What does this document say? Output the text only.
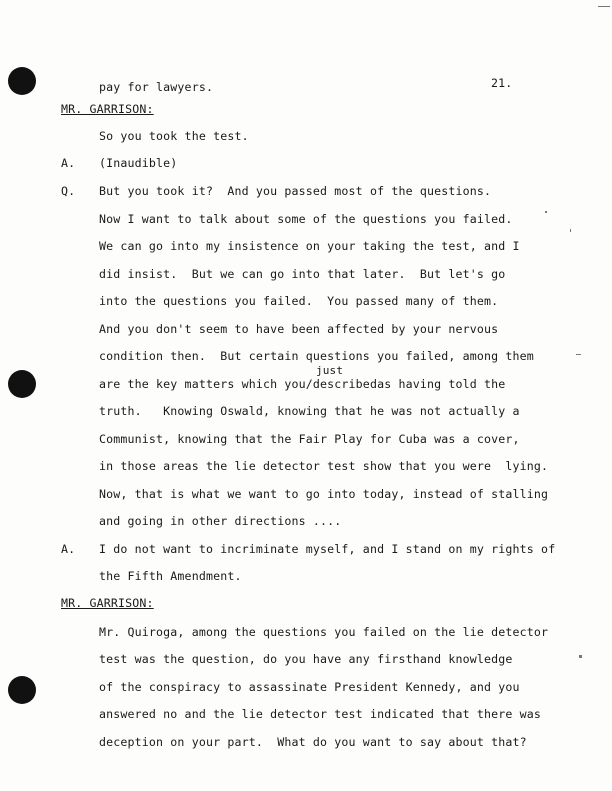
21.
pay for lawyers.
MR. GARRISON:
So you took the test.
A. (Inaudible)
Q. But you took it?  And you passed most of the questions.
Now I want to talk about some of the questions you failed.
We can go into my insistence on your taking the test, and I
did insist.  But we can go into that later.  But let's go
into the questions you failed.  You passed many of them.
And you don't seem to have been affected by your nervous
condition then.  But certain questions you failed, among them
just
are the key matters which you/describedas having told the
truth.   Knowing Oswald, knowing that he was not actually a
Communist, knowing that the Fair Play for Cuba was a cover,
in those areas the lie detector test show that you were  lying.
Now, that is what we want to go into today, instead of stalling
and going in other directions ....
A. I do not want to incriminate myself, and I stand on my rights of
the Fifth Amendment.
MR. GARRISON:
Mr. Quiroga, among the questions you failed on the lie detector
test was the question, do you have any firsthand knowledge
of the conspiracy to assassinate President Kennedy, and you
answered no and the lie detector test indicated that there was
deception on your part.  What do you want to say about that?
